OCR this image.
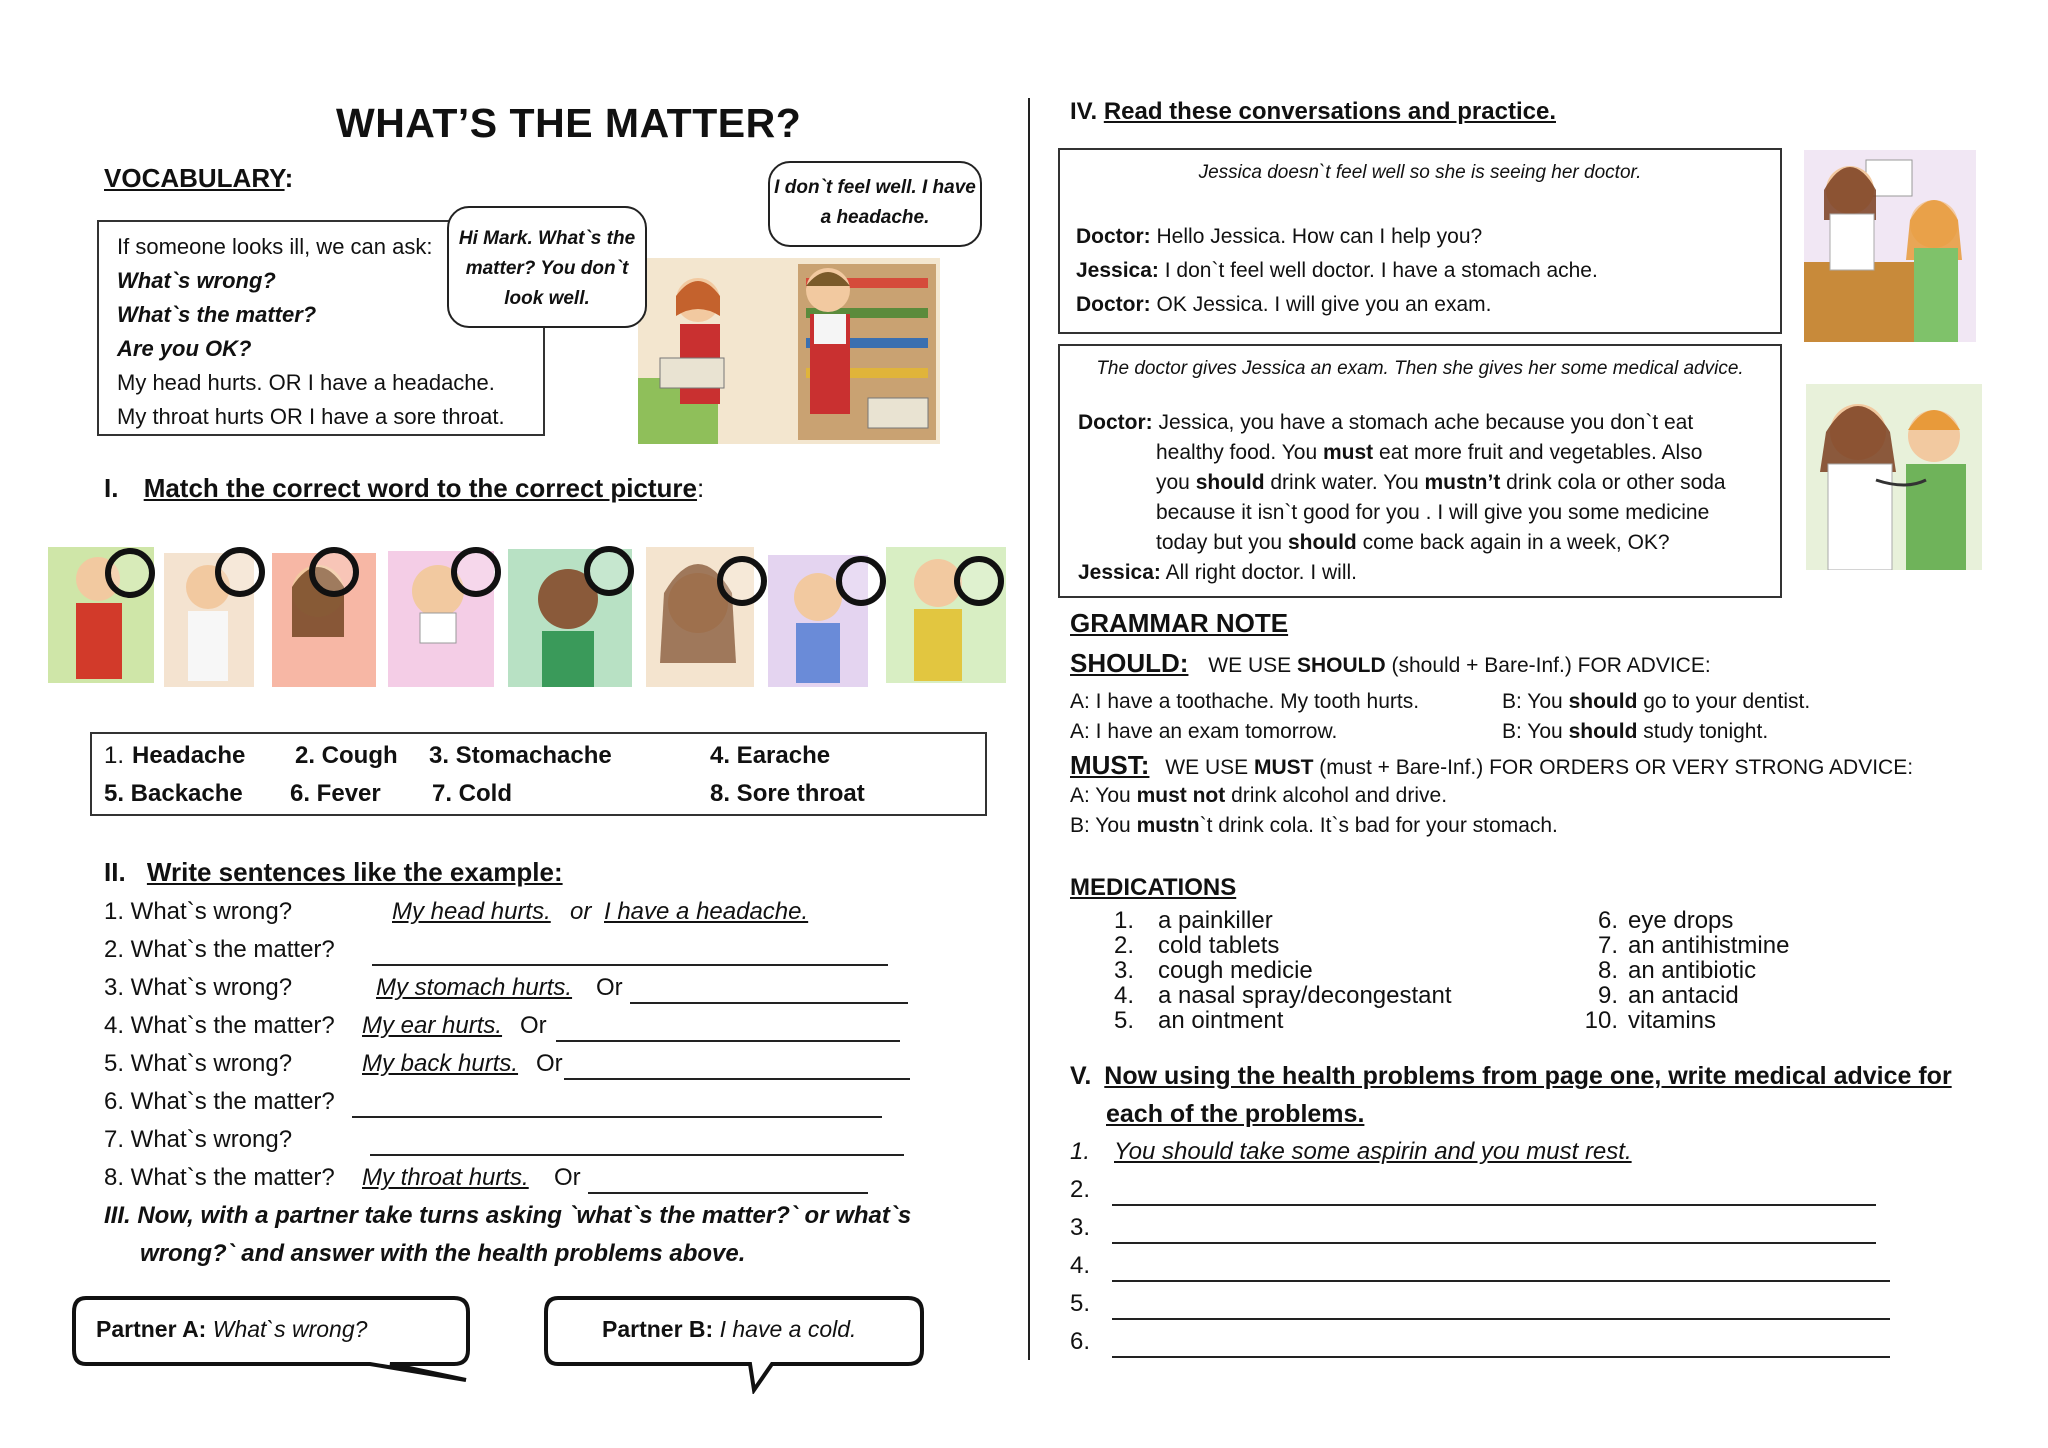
WHAT’S THE MATTER?
VOCABULARY:
If someone looks ill, we can ask:
What`s wrong?
What`s the matter?
Are you OK?
My head hurts. OR I have a headache.
My throat hurts OR I have a sore throat.
Hi Mark. What`s the matter? You don`t look well.
I don`t feel well. I have a headache.
I. Match the correct word to the correct picture:
1. Headache 2. Cough 3. Stomachache	4. Earache
5. Backache 6. Fever 7. Cold	8. Sore throat
II. Write sentences like the example:
1. What`s wrong?	My head hurts. or I have a headache.
2. What`s the matter?
3. What`s wrong?	My stomach hurts. Or
4. What`s the matter? My ear hurts. Or
5. What`s wrong?	My back hurts. Or
6. What`s the matter?
7. What`s wrong?
8. What`s the matter? My throat hurts. Or
III. Now, with a partner take turns asking `what`s the matter?` or what`s
wrong?` and answer with the health problems above.
Partner A: What`s wrong?	Partner B: I have a cold.
IV. Read these conversations and practice.
Jessica doesn`t feel well so she is seeing her doctor.
Doctor: Hello Jessica. How can I help you?
Jessica: I don`t feel well doctor. I have a stomach ache.
Doctor: OK Jessica. I will give you an exam.
The doctor gives Jessica an exam. Then she gives her some medical advice.
Doctor: Jessica, you have a stomach ache because you don`t eat
healthy food. You must eat more fruit and vegetables. Also
you should drink water. You mustn’t drink cola or other soda
because it isn`t good for you . I will give you some medicine
today but you should come back again in a week, OK?
Jessica: All right doctor. I will.
GRAMMAR NOTE
SHOULD: WE USE SHOULD (should + Bare-Inf.) FOR ADVICE:
A: I have a toothache. My tooth hurts.	B: You should go to your dentist.
A: I have an exam tomorrow.	B: You should study tonight.
MUST: WE USE MUST (must + Bare-Inf.) FOR ORDERS OR VERY STRONG ADVICE:
A: You must not drink alcohol and drive.
B: You mustn`t drink cola. It`s bad for your stomach.
MEDICATIONS
1. a painkiller
2. cold tablets
3. cough medicie
4. a nasal spray/decongestant
5. an ointment
6. eye drops
7. an antihistmine
8. an antibiotic
9. an antacid
10. vitamins
V. Now using the health problems from page one, write medical advice for
each of the problems.
1. You should take some aspirin and you must rest.
2.
3.
4.
5.
6.
